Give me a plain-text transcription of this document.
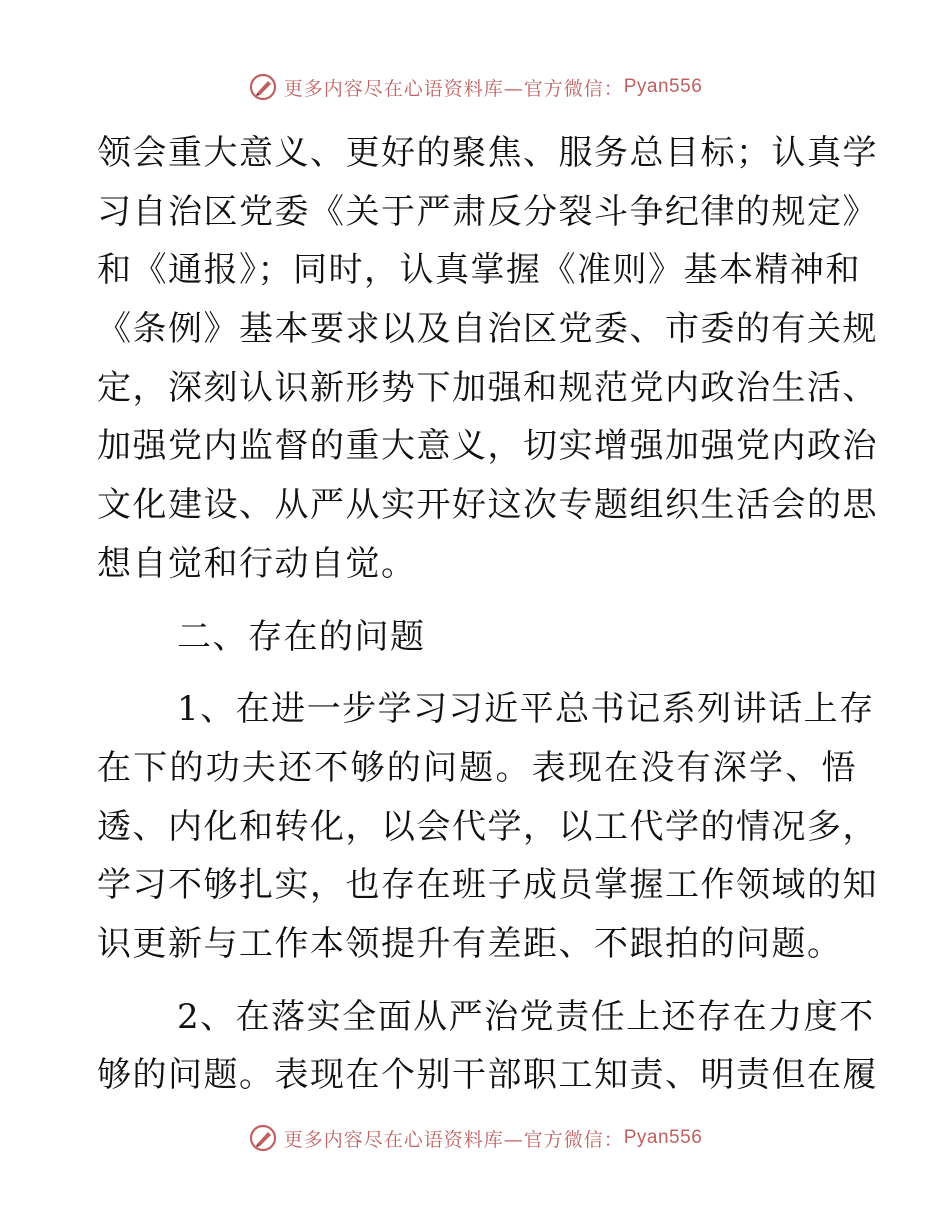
更多内容尽在心语资料库—官方微信： Pyan556
领会重大意义、更好的聚焦、服务总目标；认真学
习自治区党委《关于严肃反分裂斗争纪律的规定》
和《通报》；同时，认真掌握《准则》基本精神和
《条例》基本要求以及自治区党委、市委的有关规
定，深刻认识新形势下加强和规范党内政治生活、
加强党内监督的重大意义，切实增强加强党内政治
文化建设、从严从实开好这次专题组织生活会的思
想自觉和行动自觉。
二、存在的问题
1、在进一步学习习近平总书记系列讲话上存
在下的功夫还不够的问题。表现在没有深学、悟
透、内化和转化，以会代学，以工代学的情况多，
学习不够扎实，也存在班子成员掌握工作领域的知
识更新与工作本领提升有差距、不跟拍的问题。
2、在落实全面从严治党责任上还存在力度不
够的问题。表现在个别干部职工知责、明责但在履
更多内容尽在心语资料库—官方微信： Pyan556
